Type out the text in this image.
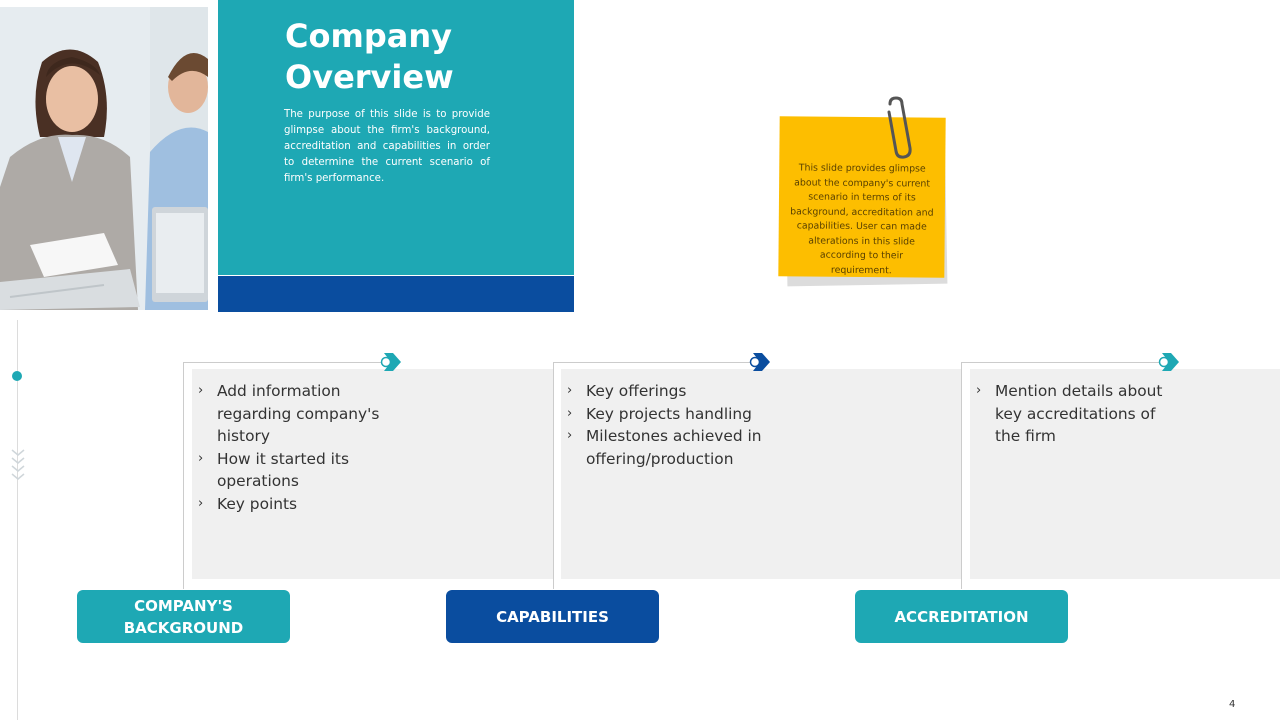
Company
Overview

The purpose of this slide is to provide glimpse about the firm's background, accreditation and capabilities in order to determine the current scenario of firm's performance.

This slide provides glimpse about the company's current scenario in terms of its background, accreditation and capabilities. User can made alterations in this slide according to their requirement.

› Add information regarding company's history
› How it started its operations
› Key points
› Key offerings
› Key projects handling
› Milestones achieved in offering/production
› Mention details about key accreditations of the firm
COMPANY'S
BACKGROUND
CAPABILITIES	ACCREDITATION
4
